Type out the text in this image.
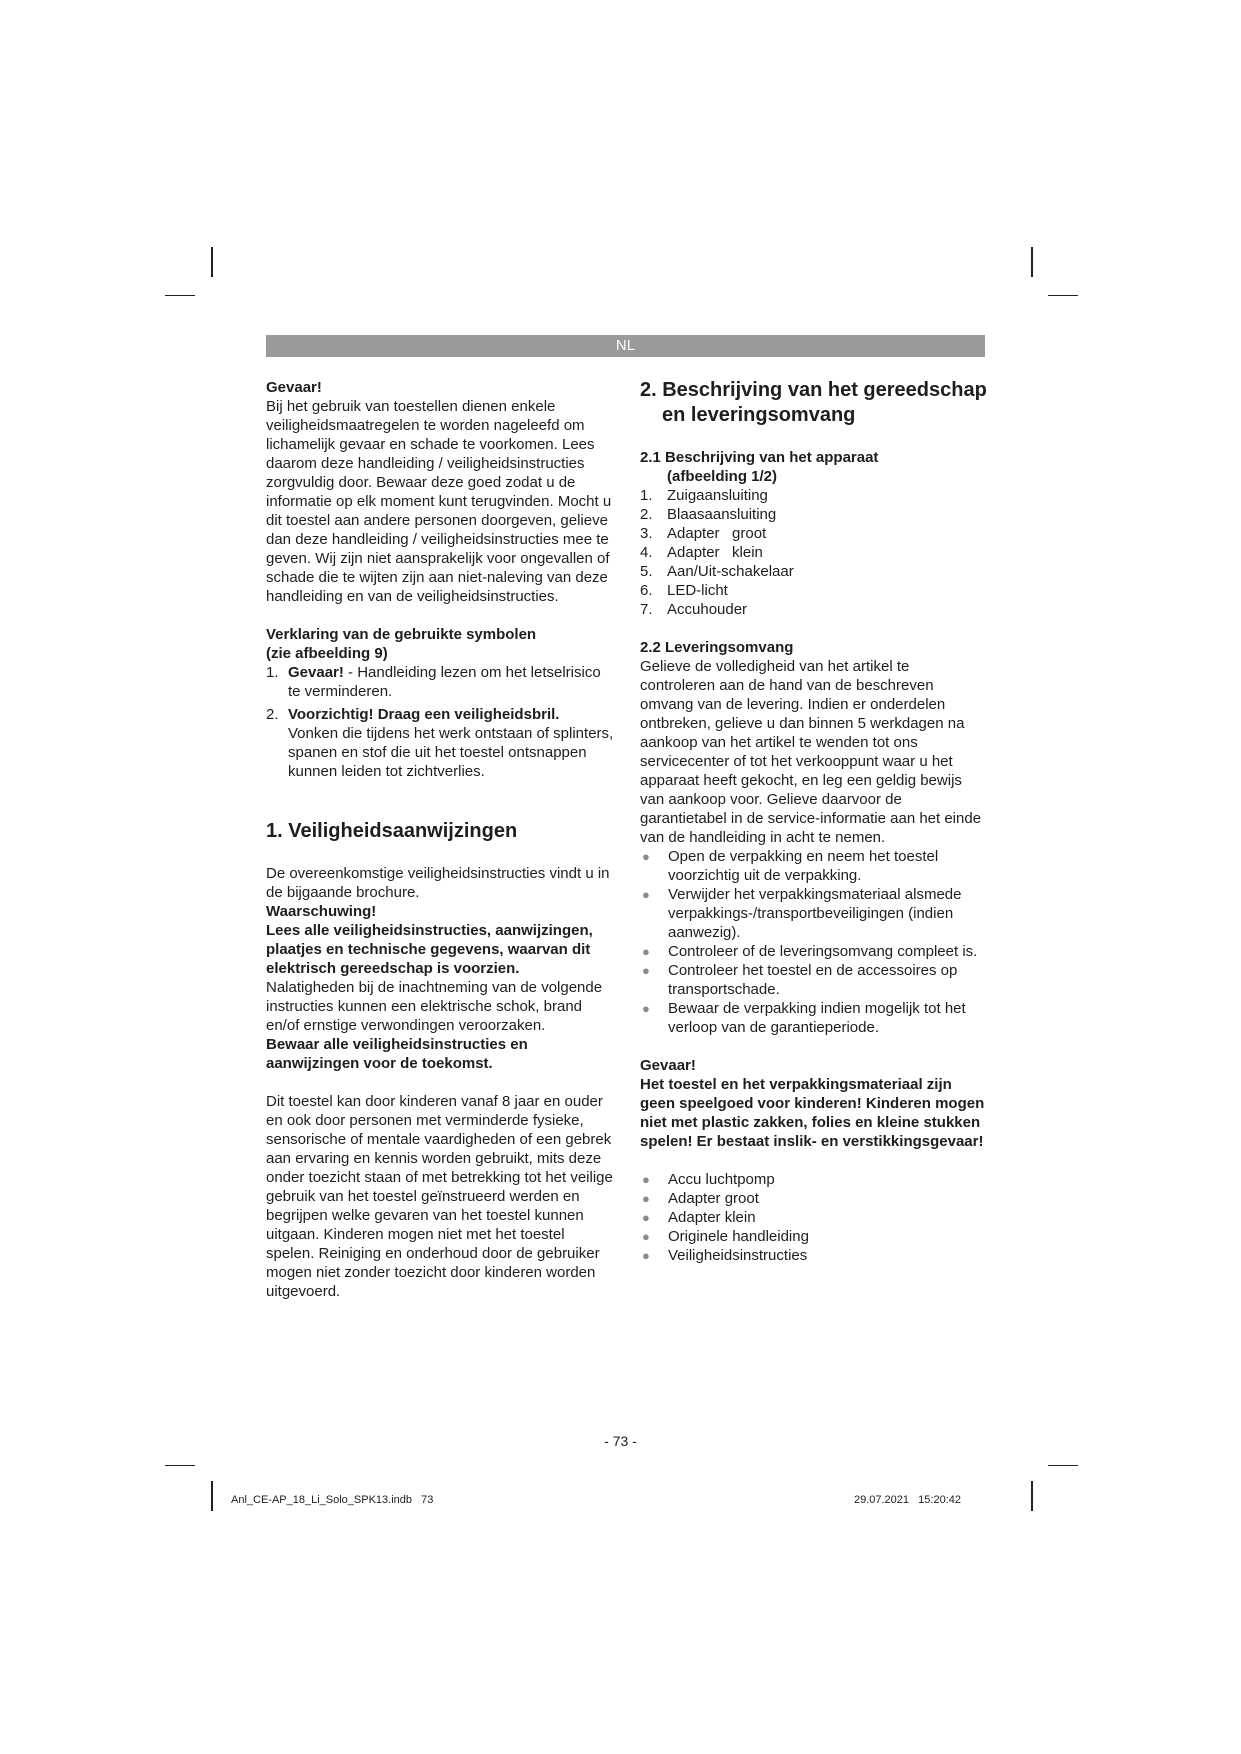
NL

Gevaar!

Bij het gebruik van toestellen dienen enkele veiligheidsmaatregelen te worden nageleefd om lichamelijk gevaar en schade te voorkomen. Lees daarom deze handleiding / veiligheidsinstructies zorgvuldig door. Bewaar deze goed zodat u de informatie op elk moment kunt terugvinden. Mocht u dit toestel aan andere personen doorgeven, gelieve dan deze handleiding / veiligheidsinstructies mee te geven. Wij zijn niet aansprakelijk voor ongevallen of schade die te wijten zijn aan niet-naleving van deze handleiding en van de veiligheidsinstructies.

Verklaring van de gebruikte symbolen

(zie afbeelding 9)

1. Gevaar! - Handleiding lezen om het letselrisico te verminderen.
2. Voorzichtig! Draag een veiligheidsbril.
Vonken die tijdens het werk ontstaan of splinters, spanen en stof die uit het toestel ontsnappen kunnen leiden tot zichtverlies.

1. Veiligheidsaanwijzingen

De overeenkomstige veiligheidsinstructies vindt u in de bijgaande brochure.

Waarschuwing!

Lees alle veiligheidsinstructies, aanwijzingen, plaatjes en technische gegevens, waarvan dit elektrisch gereedschap is voorzien.

Nalatigheden bij de inachtneming van de volgende instructies kunnen een elektrische schok, brand en/of ernstige verwondingen veroorzaken.

Bewaar alle veiligheidsinstructies en aanwijzingen voor de toekomst.

Dit toestel kan door kinderen vanaf 8 jaar en ouder en ook door personen met verminderde fysieke, sensorische of mentale vaardigheden of een gebrek aan ervaring en kennis worden gebruikt, mits deze onder toezicht staan of met betrekking tot het veilige gebruik van het toestel geïnstrueerd werden en begrijpen welke gevaren van het toestel kunnen uitgaan. Kinderen mogen niet met het toestel spelen. Reiniging en onderhoud door de gebruiker mogen niet zonder toezicht door kinderen worden uitgevoerd.

2. Beschrijving van het gereedschap

en leveringsomvang

2.1 Beschrijving van het apparaat

(afbeelding 1/2)

1. Zuigaansluiting
2. Blaasaansluiting
3. Adapter   groot
4. Adapter   klein
5. Aan/Uit-schakelaar
6. LED-licht
7. Accuhouder

2.2 Leveringsomvang

Gelieve de volledigheid van het artikel te controleren aan de hand van de beschreven omvang van de levering. Indien er onderdelen ontbreken, gelieve u dan binnen 5 werkdagen na aankoop van het artikel te wenden tot ons servicecenter of tot het verkooppunt waar u het apparaat heeft gekocht, en leg een geldig bewijs van aankoop voor. Gelieve daarvoor de garantietabel in de service-informatie aan het einde van de handleiding in acht te nemen.

● Open de verpakking en neem het toestel voorzichtig uit de verpakking.
● Verwijder het verpakkingsmateriaal alsmede verpakkings-/transportbeveiligingen (indien aanwezig).
● Controleer of de leveringsomvang compleet is.
● Controleer het toestel en de accessoires op transportschade.
● Bewaar de verpakking indien mogelijk tot het verloop van de garantieperiode.

Gevaar!

Het toestel en het verpakkingsmateriaal zijn geen speelgoed voor kinderen! Kinderen mogen niet met plastic zakken, folies en kleine stukken spelen! Er bestaat inslik- en verstikkingsgevaar!

● Accu luchtpomp
● Adapter groot
● Adapter klein
● Originele handleiding
● Veiligheidsinstructies
- 73 -
Anl_CE-AP_18_Li_Solo_SPK13.indb   73	29.07.2021   15:20:42
